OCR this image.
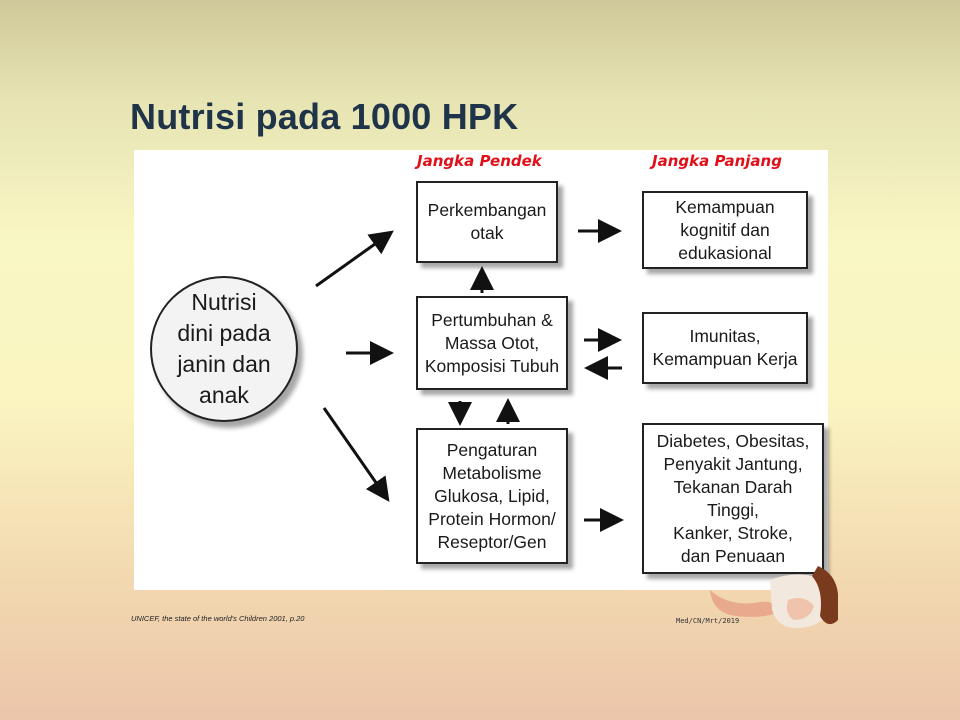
Nutrisi pada 1000 HPK
Jangka Pendek	Jangka Panjang
Nutrisi
dini pada
janin dan
anak
Perkembangan
otak
Pertumbuhan &
Massa Otot,
Komposisi Tubuh
Pengaturan
Metabolisme
Glukosa, Lipid,
Protein Hormon/
Reseptor/Gen
Kemampuan
kognitif dan
edukasional
Imunitas,
Kemampuan Kerja
Diabetes, Obesitas,
Penyakit Jantung,
Tekanan Darah
Tinggi,
Kanker, Stroke,
dan Penuaan
UNICEF, the state of the world's Children 2001, p.20	Med/CN/Mrt/2019
